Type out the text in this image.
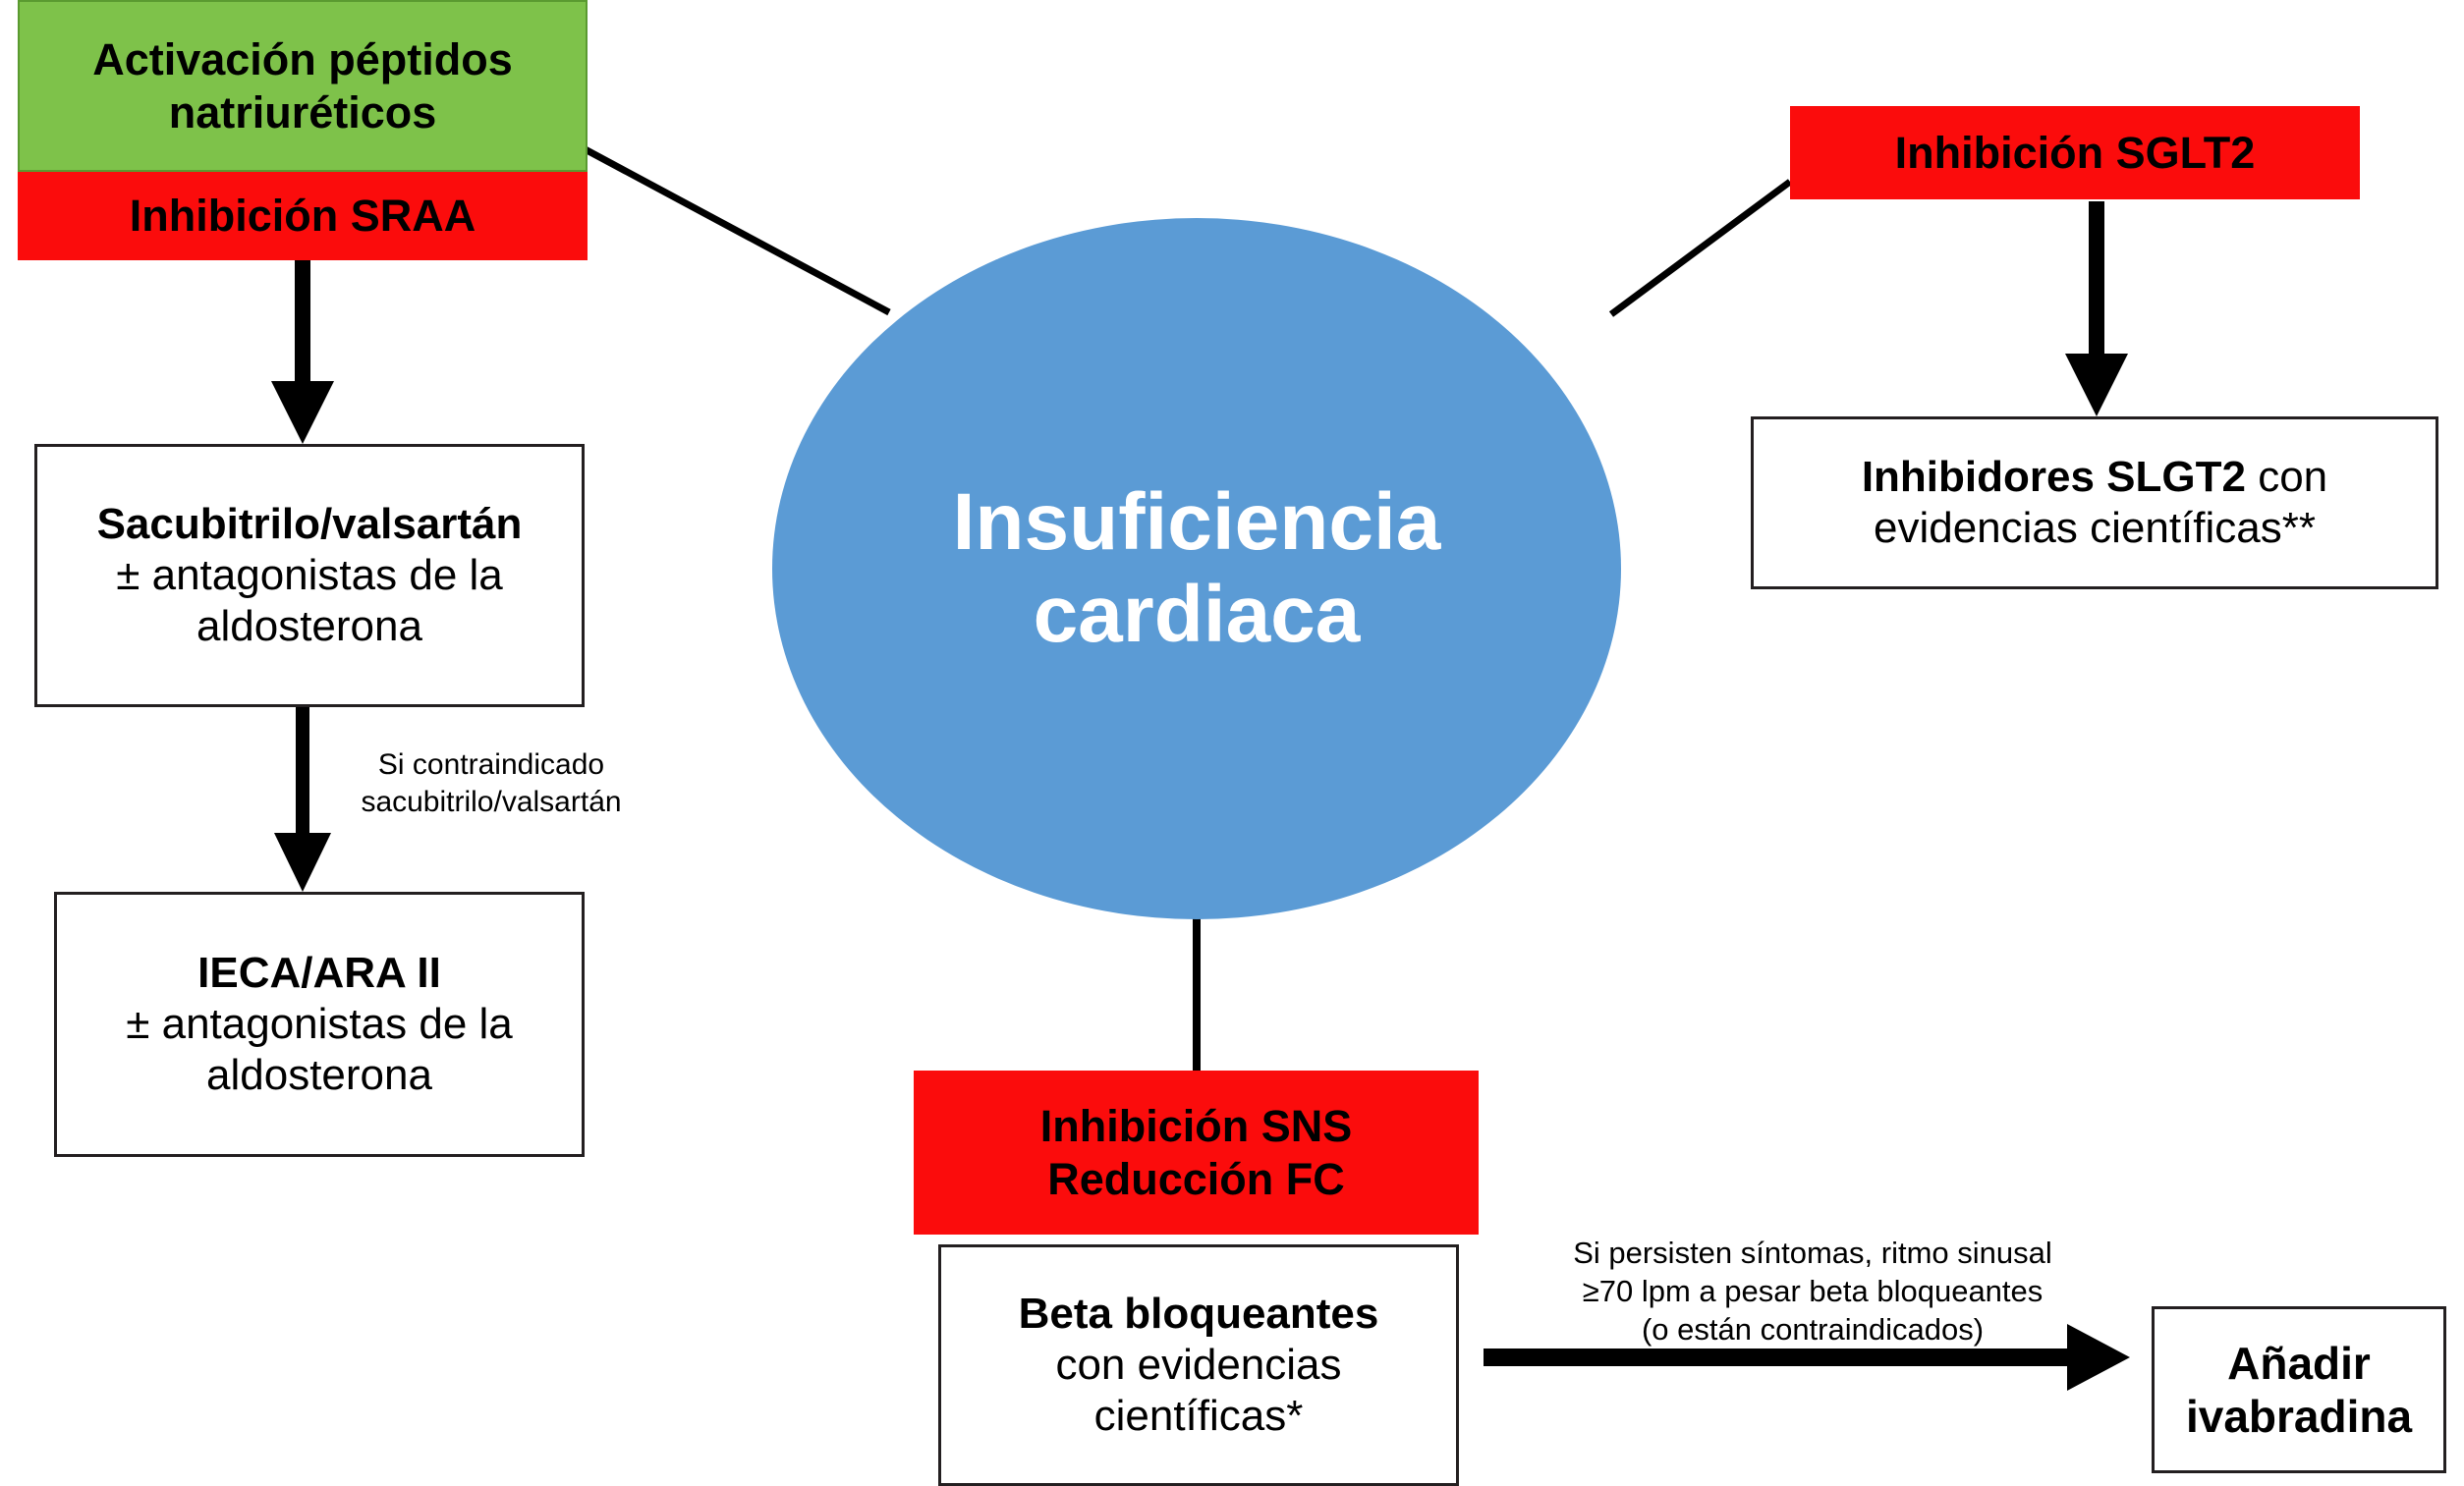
Insuficiencia
cardiaca
Activación péptidos
natriuréticos
Inhibición SRAA
Sacubitrilo/valsartán
± antagonistas de la
aldosterona
Si contraindicado
sacubitrilo/valsartán
IECA/ARA II
± antagonistas de la
aldosterona
Inhibición SGLT2
Inhibidores SLGT2 con
evidencias científicas**
Inhibición SNS
Reducción FC
Beta bloqueantes
con evidencias
científicas*
Si persisten síntomas, ritmo sinusal
≥70 lpm a pesar beta bloqueantes
(o están contraindicados)
Añadir
ivabradina
